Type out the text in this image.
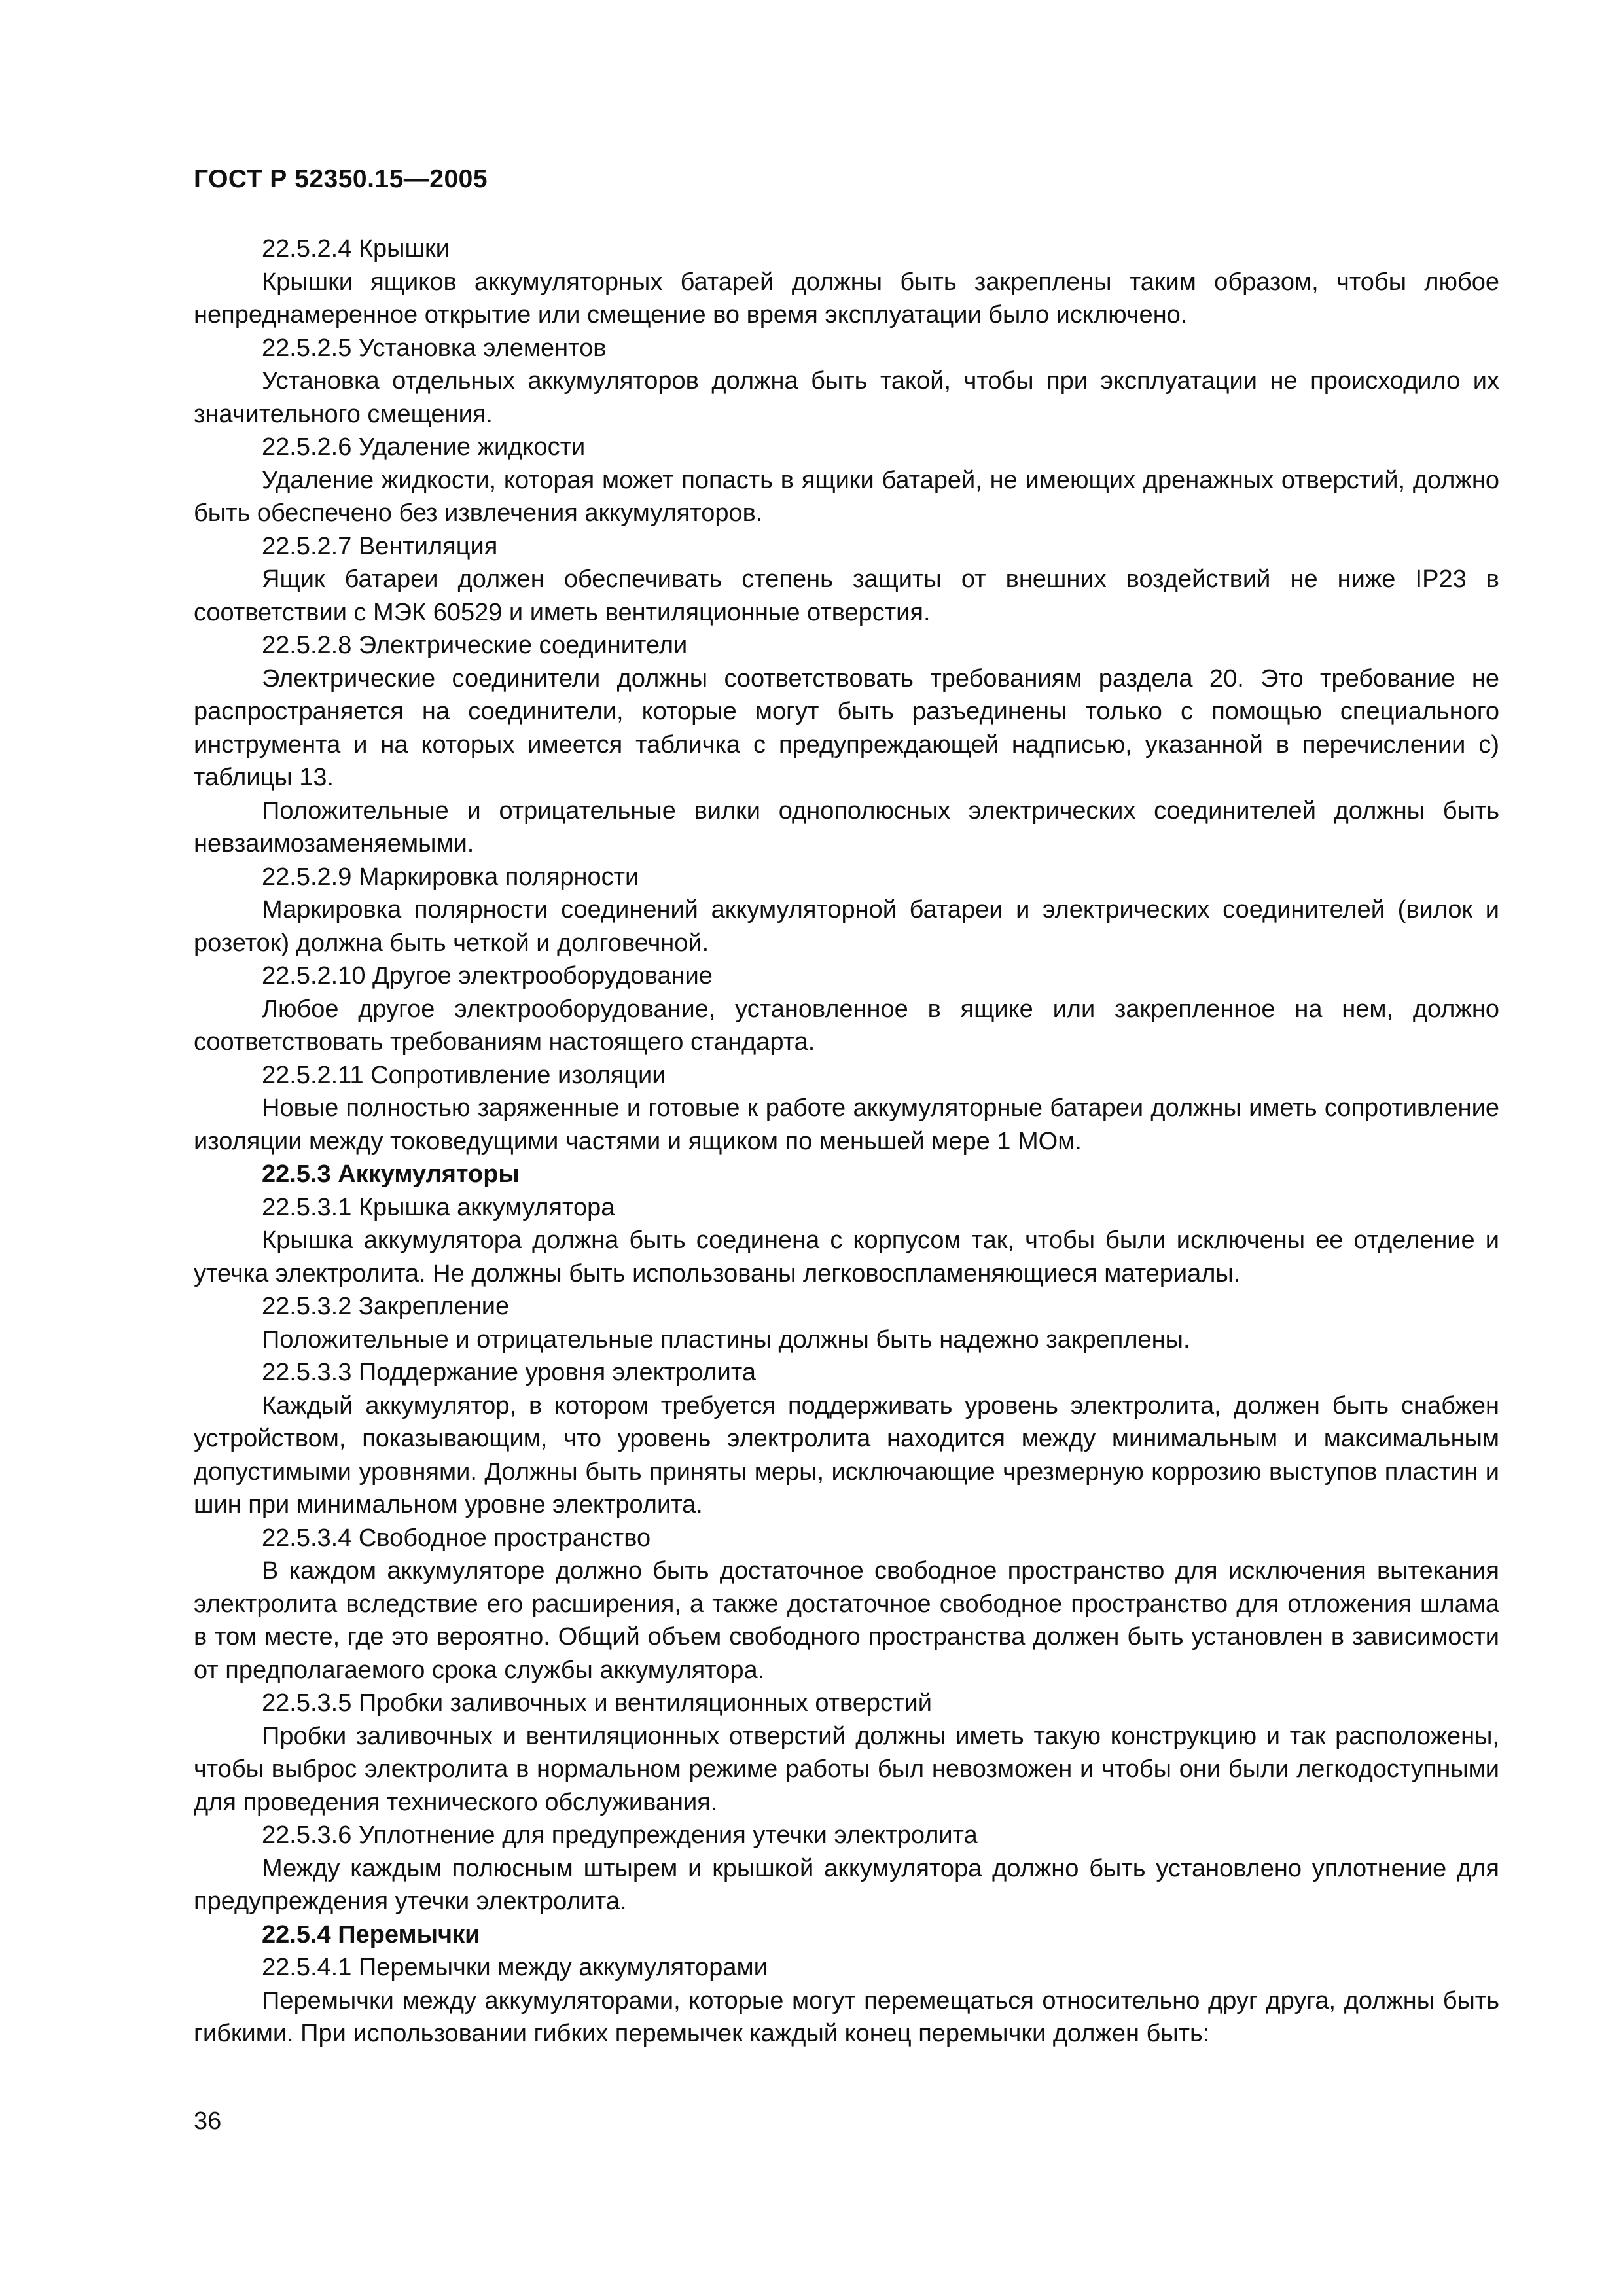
ГОСТ Р 52350.15—2005

22.5.2.4 Крышки

Крышки ящиков аккумуляторных батарей должны быть закреплены таким образом, чтобы любое непреднамеренное открытие или смещение во время эксплуатации было исключено.

22.5.2.5 Установка элементов

Установка отдельных аккумуляторов должна быть такой, чтобы при эксплуатации не происходило их значительного смещения.

22.5.2.6 Удаление жидкости

Удаление жидкости, которая может попасть в ящики батарей, не имеющих дренажных отверстий, должно быть обеспечено без извлечения аккумуляторов.

22.5.2.7 Вентиляция

Ящик батареи должен обеспечивать степень защиты от внешних воздействий не ниже IP23 в соответствии с МЭК 60529 и иметь вентиляционные отверстия.

22.5.2.8 Электрические соединители

Электрические соединители должны соответствовать требованиям раздела 20. Это требование не распространяется на соединители, которые могут быть разъединены только с помощью специального инструмента и на которых имеется табличка с предупреждающей надписью, указанной в перечислении с) таблицы 13.

Положительные и отрицательные вилки однополюсных электрических соединителей должны быть невзаимозаменяемыми.

22.5.2.9 Маркировка полярности

Маркировка полярности соединений аккумуляторной батареи и электрических соединителей (вилок и розеток) должна быть четкой и долговечной.

22.5.2.10 Другое электрооборудование

Любое другое электрооборудование, установленное в ящике или закрепленное на нем, должно соответствовать требованиям настоящего стандарта.

22.5.2.11 Сопротивление изоляции

Новые полностью заряженные и готовые к работе аккумуляторные батареи должны иметь сопротивление изоляции между токоведущими частями и ящиком по меньшей мере 1 МОм.

22.5.3 Аккумуляторы

22.5.3.1 Крышка аккумулятора

Крышка аккумулятора должна быть соединена с корпусом так, чтобы были исключены ее отделение и утечка электролита. Не должны быть использованы легковоспламеняющиеся материалы.

22.5.3.2 Закрепление

Положительные и отрицательные пластины должны быть надежно закреплены.

22.5.3.3 Поддержание уровня электролита

Каждый аккумулятор, в котором требуется поддерживать уровень электролита, должен быть снабжен устройством, показывающим, что уровень электролита находится между минимальным и максимальным допустимыми уровнями. Должны быть приняты меры, исключающие чрезмерную коррозию выступов пластин и шин при минимальном уровне электролита.

22.5.3.4 Свободное пространство

В каждом аккумуляторе должно быть достаточное свободное пространство для исключения вытекания электролита вследствие его расширения, а также достаточное свободное пространство для отложения шлама в том месте, где это вероятно. Общий объем свободного пространства должен быть установлен в зависимости от предполагаемого срока службы аккумулятора.

22.5.3.5 Пробки заливочных и вентиляционных отверстий

Пробки заливочных и вентиляционных отверстий должны иметь такую конструкцию и так расположены, чтобы выброс электролита в нормальном режиме работы был невозможен и чтобы они были легкодоступными для проведения технического обслуживания.

22.5.3.6 Уплотнение для предупреждения утечки электролита

Между каждым полюсным штырем и крышкой аккумулятора должно быть установлено уплотнение для предупреждения утечки электролита.

22.5.4 Перемычки

22.5.4.1 Перемычки между аккумуляторами

Перемычки между аккумуляторами, которые могут перемещаться относительно друг друга, должны быть гибкими. При использовании гибких перемычек каждый конец перемычки должен быть:

36
